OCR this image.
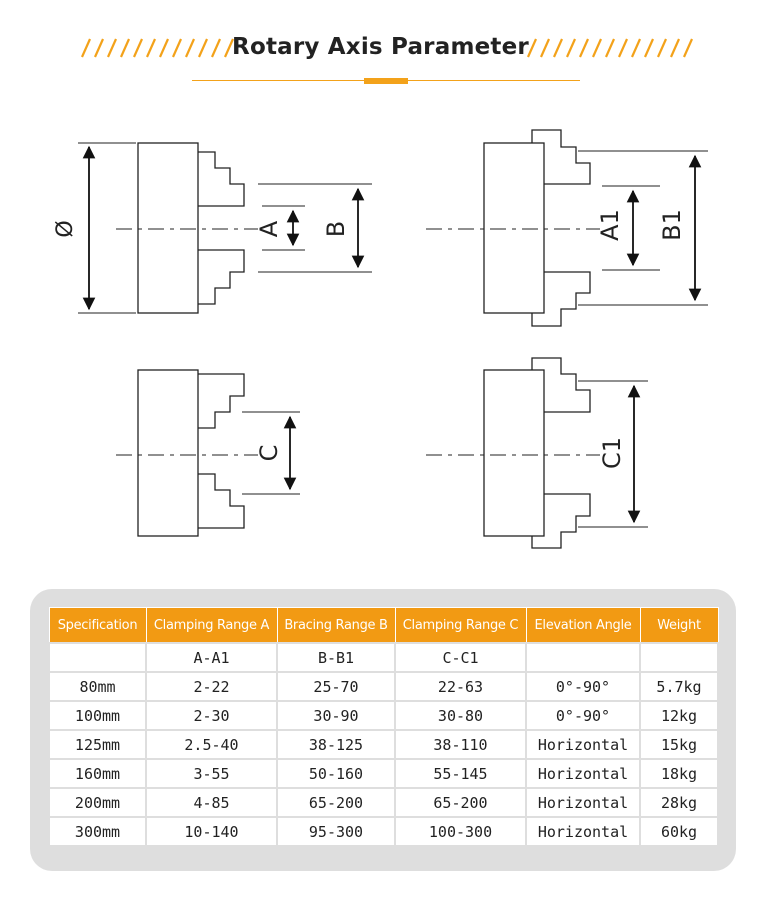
Rotary Axis Parameter
Ø	A B	A1 B1
C	C1
Specification	Clamping Range A	Bracing Range B	Clamping Range C	Elevation Angle	Weight
	A-A1	B-B1	C-C1		
80mm	2-22	25-70	22-63	0°-90°	5.7kg
100mm	2-30	30-90	30-80	0°-90°	12kg
125mm	2.5-40	38-125	38-110	Horizontal	15kg
160mm	3-55	50-160	55-145	Horizontal	18kg
200mm	4-85	65-200	65-200	Horizontal	28kg
300mm	10-140	95-300	100-300	Horizontal	60kg
